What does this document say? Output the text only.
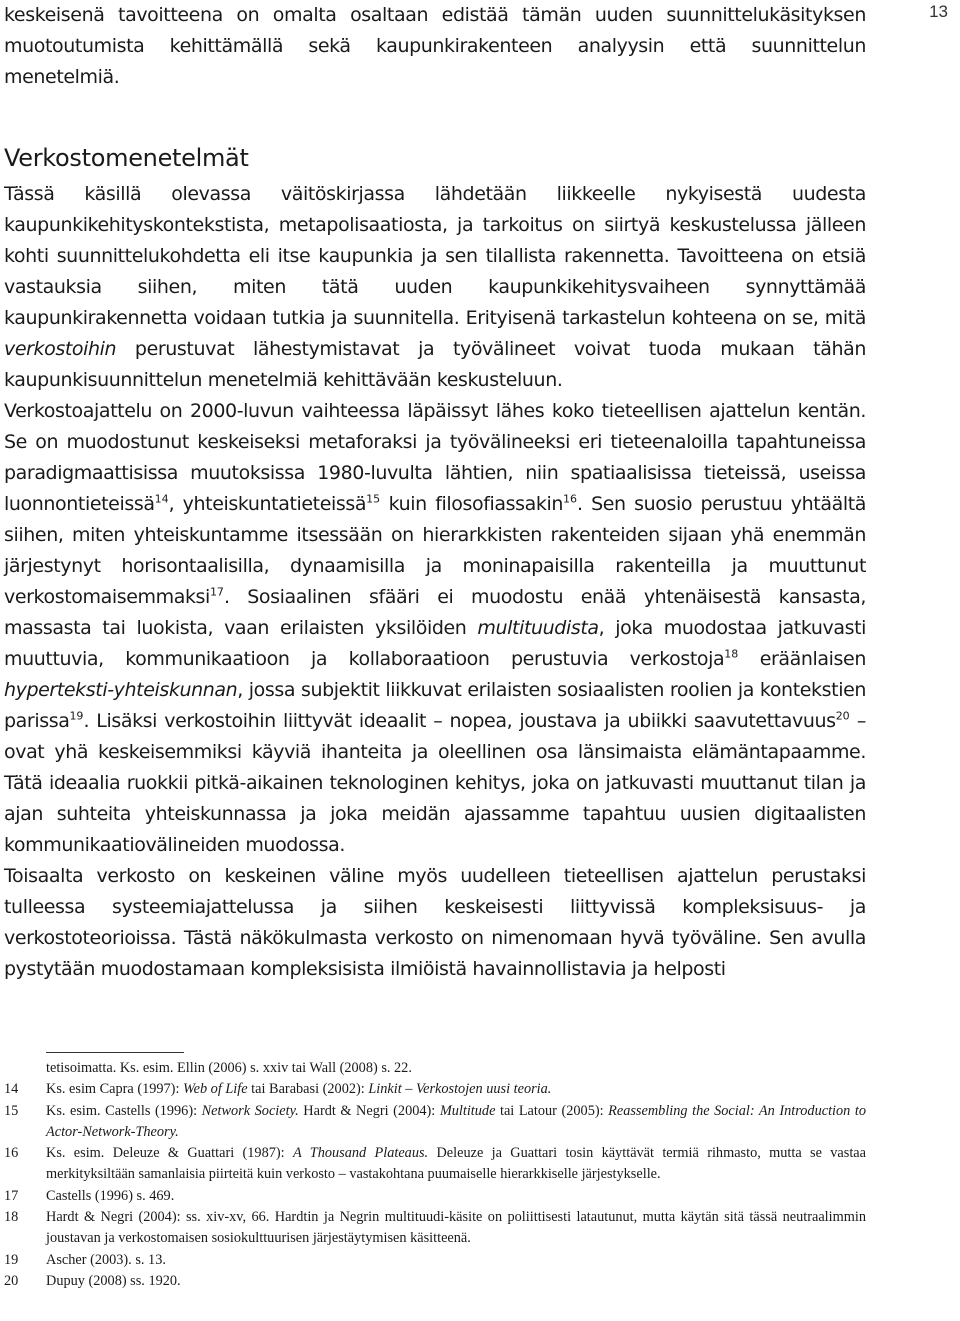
13

keskeisenä tavoitteena on omalta osaltaan edistää tämän uuden suunnittelukäsityksen muotoutumista kehittämällä sekä kaupunkirakenteen analyysin että suunnittelun menetelmiä.

Verkostomenetelmät

Tässä käsillä olevassa väitöskirjassa lähdetään liikkeelle nykyisestä uudesta kaupunkikehityskontekstista, metapolisaatiosta, ja tarkoitus on siirtyä keskustelussa jälleen kohti suunnittelukohdetta eli itse kaupunkia ja sen tilallista rakennetta. Tavoitteena on etsiä vastauksia siihen, miten tätä uuden kaupunkikehitysvaiheen synnyttämää kaupunkirakennetta voidaan tutkia ja suunnitella. Erityisenä tarkastelun kohteena on se, mitä verkostoihin perustuvat lähestymistavat ja työvälineet voivat tuoda mukaan tähän kaupunkisuunnittelun menetelmiä kehittävään keskusteluun.

Verkostoajattelu on 2000-luvun vaihteessa läpäissyt lähes koko tieteellisen ajattelun kentän. Se on muodostunut keskeiseksi metaforaksi ja työvälineeksi eri tieteenaloilla tapahtuneissa paradigmaattisissa muutoksissa 1980-luvulta lähtien, niin spatiaalisissa tieteissä, useissa luonnontieteissä$^{14}$, yhteiskuntatieteissä$^{15}$ kuin filosofiassakin$^{16}$. Sen suosio perustuu yhtäältä siihen, miten yhteiskuntamme itsessään on hierarkkisten rakenteiden sijaan yhä enemmän järjestynyt horisontaalisilla, dynaamisilla ja moninapaisilla rakenteilla ja muuttunut verkostomaisemmaksi$^{17}$. Sosiaalinen sfääri ei muodostu enää yhtenäisestä kansasta, massasta tai luokista, vaan erilaisten yksilöiden multituudista, joka muodostaa jatkuvasti muuttuvia, kommunikaatioon ja kollaboraatioon perustuvia verkostoja$^{18}$ eräänlaisen hyperteksti-yhteiskunnan, jossa subjektit liikkuvat erilaisten sosiaalisten roolien ja kontekstien parissa$^{19}$. Lisäksi verkostoihin liittyvät ideaalit – nopea, joustava ja ubiikki saavutettavuus$^{20}$ – ovat yhä keskeisemmiksi käyviä ihanteita ja oleellinen osa länsimaista elämäntapaamme. Tätä ideaalia ruokkii pitkä-aikainen teknologinen kehitys, joka on jatkuvasti muuttanut tilan ja ajan suhteita yhteiskunnassa ja joka meidän ajassamme tapahtuu uusien digitaalisten kommunikaatiovälineiden muodossa.

Toisaalta verkosto on keskeinen väline myös uudelleen tieteellisen ajattelun perustaksi tulleessa systeemiajattelussa ja siihen keskeisesti liittyvissä kompleksisuus- ja verkostoteorioissa. Tästä näkökulmasta verkosto on nimenomaan hyvä työväline. Sen avulla pystytään muodostamaan kompleksisista ilmiöistä havainnollistavia ja helposti

tetisoimatta. Ks. esim. Ellin (2006) s. xxiv tai Wall (2008) s. 22.
14	Ks. esim Capra (1997): Web of Life tai Barabasi (2002): Linkit – Verkostojen uusi teoria.
15	Ks. esim. Castells (1996): Network Society. Hardt & Negri (2004): Multitude tai Latour (2005): Reassembling the Social: An Introduction to Actor-Network-Theory.
16	Ks. esim. Deleuze & Guattari (1987): A Thousand Plateaus. Deleuze ja Guattari tosin käyttävät termiä rihmasto, mutta se vastaa merkityksiltään samanlaisia piirteitä kuin verkosto – vastakohtana puumaiselle hierarkkiselle järjestykselle.
17	Castells (1996) s. 469.
18	Hardt & Negri (2004): ss. xiv-xv, 66. Hardtin ja Negrin multituudi-käsite on poliittisesti latautunut, mutta käytän sitä tässä neutraalimmin joustavan ja verkostomaisen sosiokulttuurisen järjestäytymisen käsitteenä.
19	Ascher (2003). s. 13.
20	Dupuy (2008) ss. 1920.
